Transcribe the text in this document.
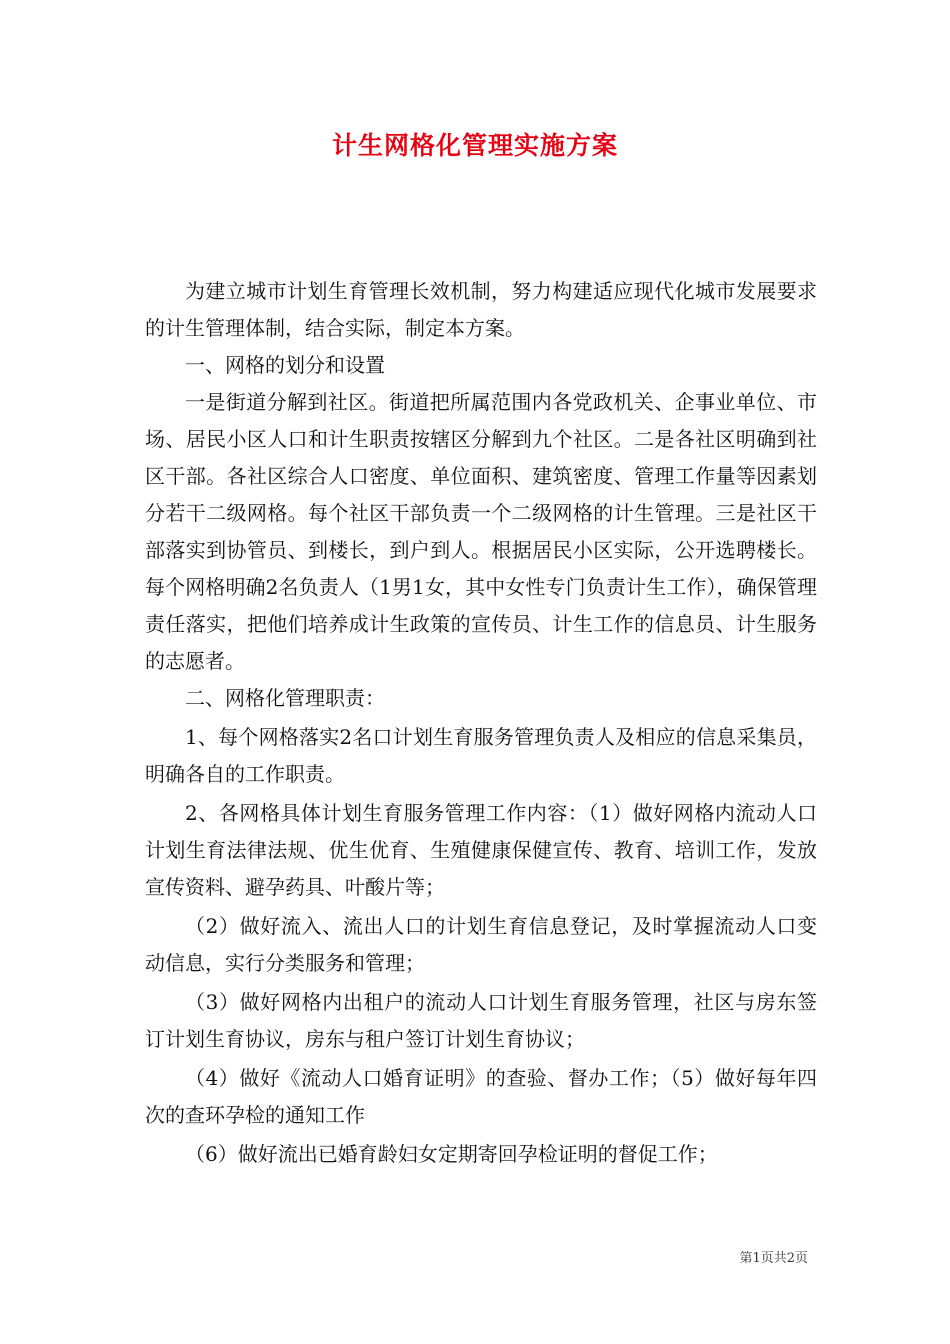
计生网格化管理实施方案

为建立城市计划生育管理长效机制，努力构建适应现代化城市发展要求的计生管理体制，结合实际，制定本方案。

一、网格的划分和设置

一是街道分解到社区。街道把所属范围内各党政机关、企事业单位、市场、居民小区人口和计生职责按辖区分解到九个社区。二是各社区明确到社区干部。各社区综合人口密度、单位面积、建筑密度、管理工作量等因素划分若干二级网格。每个社区干部负责一个二级网格的计生管理。三是社区干部落实到协管员、到楼长，到户到人。根据居民小区实际，公开选聘楼长。每个网格明确2名负责人（1男1女，其中女性专门负责计生工作），确保管理责任落实，把他们培养成计生政策的宣传员、计生工作的信息员、计生服务的志愿者。

二、网格化管理职责：

1、每个网格落实2名口计划生育服务管理负责人及相应的信息采集员，明确各自的工作职责。

2、各网格具体计划生育服务管理工作内容：（1）做好网格内流动人口计划生育法律法规、优生优育、生殖健康保健宣传、教育、培训工作，发放宣传资料、避孕药具、叶酸片等；

（2）做好流入、流出人口的计划生育信息登记，及时掌握流动人口变动信息，实行分类服务和管理；

（3）做好网格内出租户的流动人口计划生育服务管理，社区与房东签订计划生育协议，房东与租户签订计划生育协议；

（4）做好《流动人口婚育证明》的查验、督办工作；（5）做好每年四次的查环孕检的通知工作

（6）做好流出已婚育龄妇女定期寄回孕检证明的督促工作；

第1页共2页
